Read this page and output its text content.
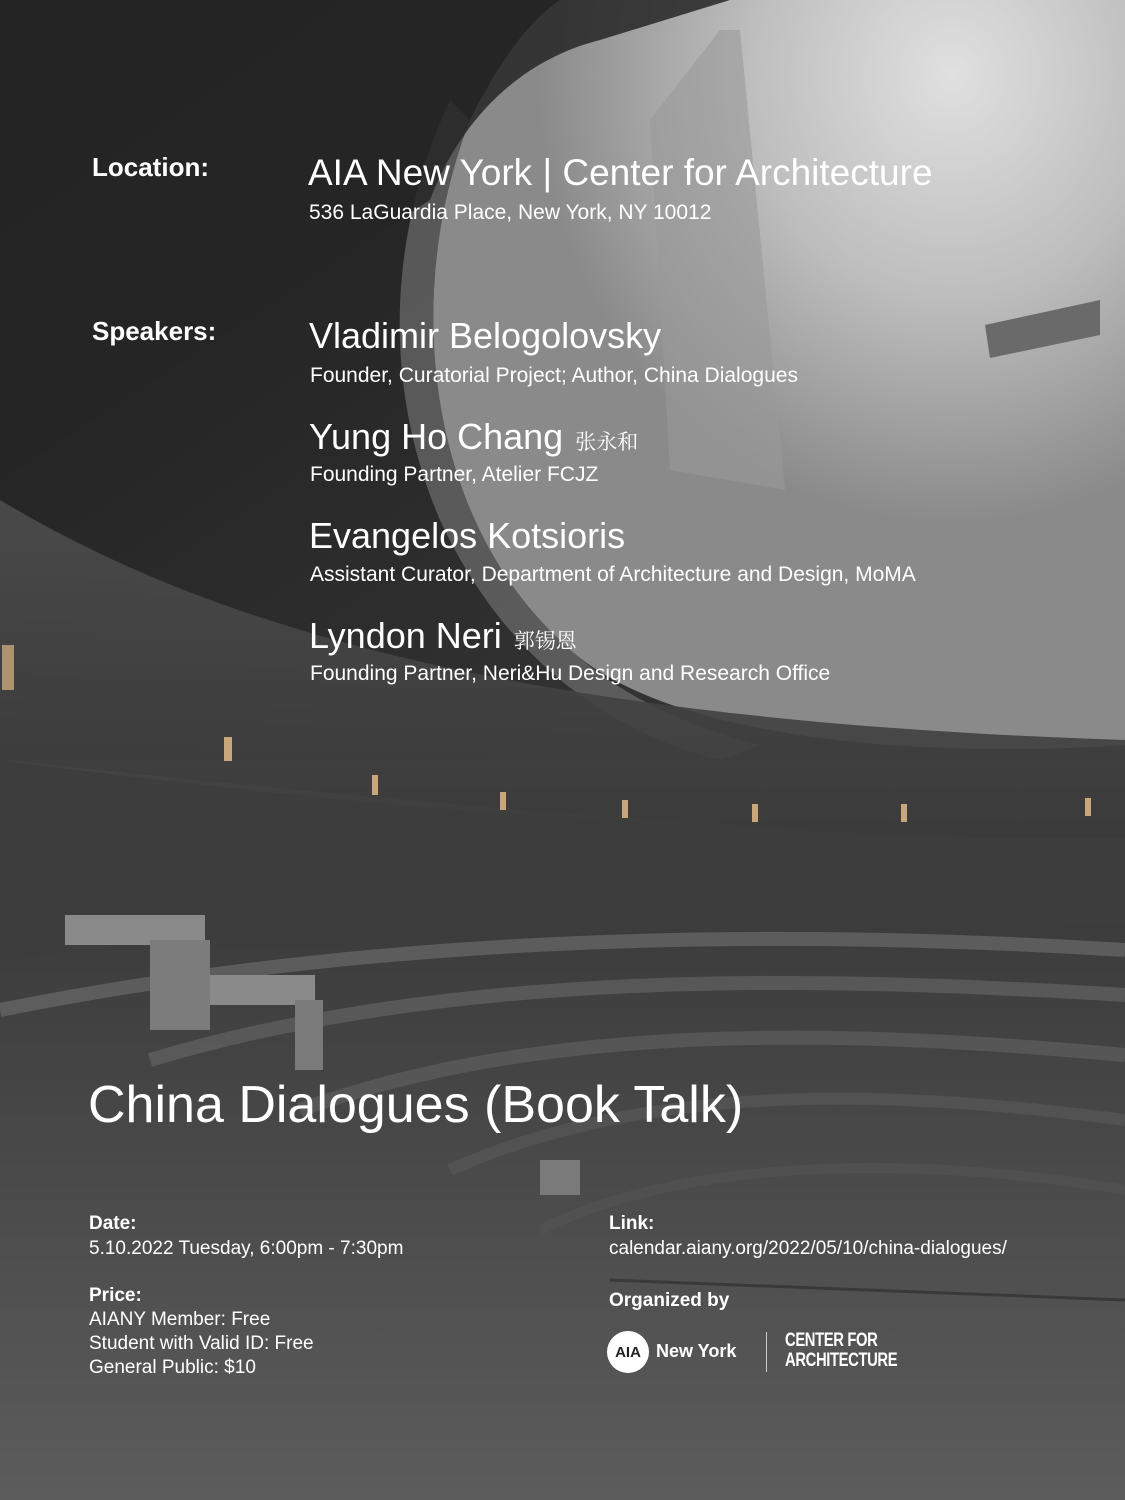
Location:	AIA New York | Center for Architecture
536 LaGuardia Place, New York, NY 10012
Speakers:	Vladimir Belogolovsky
Founder, Curatorial Project; Author, China Dialogues
Yung Ho Chang 张永和
Founding Partner, Atelier FCJZ
Evangelos Kotsioris
Assistant Curator, Department of Architecture and Design, MoMA
Lyndon Neri 郭锡恩
Founding Partner, Neri&Hu Design and Research Office
China Dialogues (Book Talk)
Date:
5.10.2022 Tuesday, 6:00pm - 7:30pm
Price:
AIANY Member: Free
Student with Valid ID: Free
General Public: $10
Link:
calendar.aiany.org/2022/05/10/china-dialogues/
Organized by
AIA New York	CENTER FOR
ARCHITECTURE
